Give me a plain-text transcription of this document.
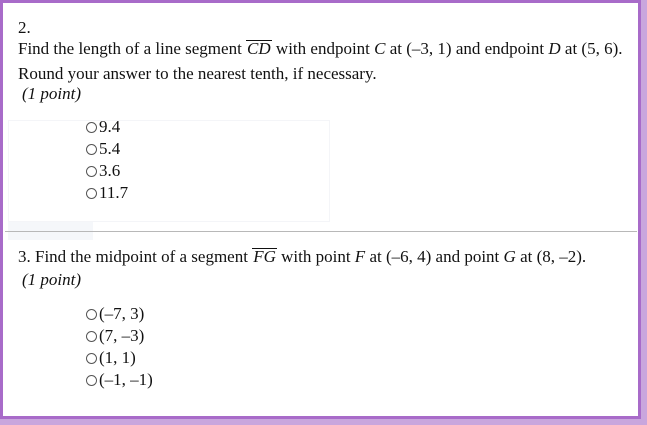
2.
Find the length of a line segment CD with endpoint C at (–3, 1) and endpoint D at (5, 6).
Round your answer to the nearest tenth, if necessary.
(1 point)
9.4
5.4
3.6
11.7
3. Find the midpoint of a segment FG with point F at (–6, 4) and point G at (8, –2).
(1 point)
(–7, 3)
(7, –3)
(1, 1)
(–1, –1)
